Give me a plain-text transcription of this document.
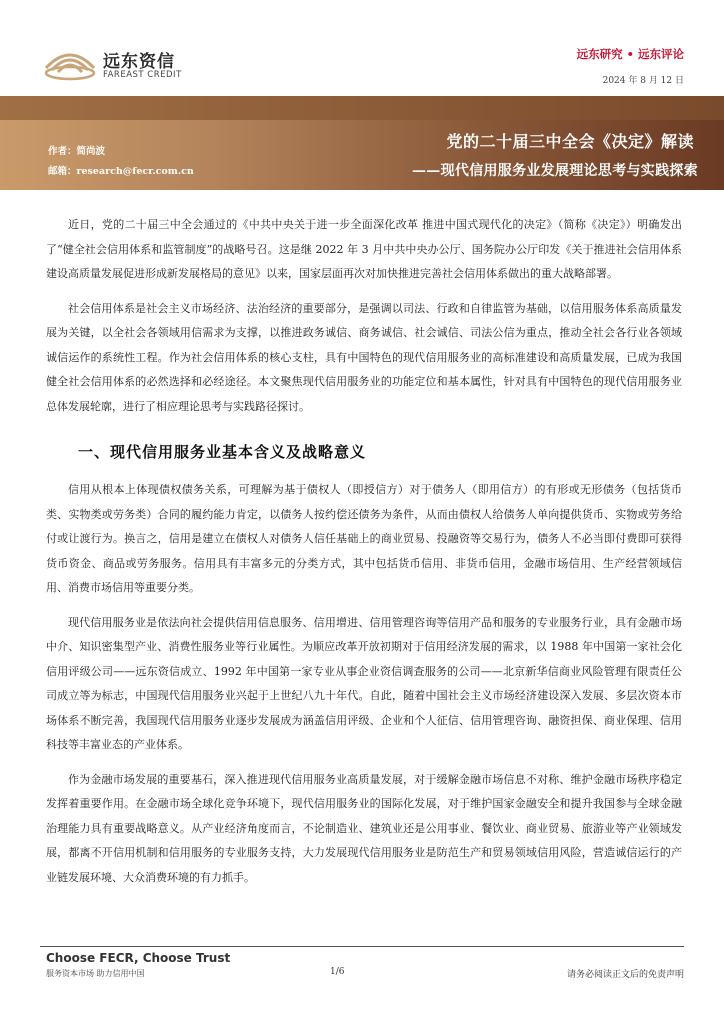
远东资信
FAREAST CREDIT
远东研究 • 远东评论
2024 年 8 月 12 日
作者：简尚波
邮箱：research@fecr.com.cn
党的二十届三中全会《决定》解读
——现代信用服务业发展理论思考与实践探索

近日，党的二十届三中全会通过的《中共中央关于进一步全面深化改革 推进中国式现代化的决定》（简称《决定》）明确发出了“健全社会信用体系和监管制度”的战略号召。这是继 2022 年 3 月中共中央办公厅、国务院办公厅印发《关于推进社会信用体系建设高质量发展促进形成新发展格局的意见》以来，国家层面再次对加快推进完善社会信用体系做出的重大战略部署。

社会信用体系是社会主义市场经济、法治经济的重要部分，是强调以司法、行政和自律监管为基础，以信用服务体系高质量发展为关键，以全社会各领域用信需求为支撑，以推进政务诚信、商务诚信、社会诚信、司法公信为重点，推动全社会各行业各领域诚信运作的系统性工程。作为社会信用体系的核心支柱，具有中国特色的现代信用服务业的高标准建设和高质量发展，已成为我国健全社会信用体系的必然选择和必经途径。本文聚焦现代信用服务业的功能定位和基本属性，针对具有中国特色的现代信用服务业总体发展轮廓，进行了相应理论思考与实践路径探讨。

一、现代信用服务业基本含义及战略意义

信用从根本上体现债权债务关系，可理解为基于债权人（即授信方）对于债务人（即用信方）的有形或无形债务（包括货币类、实物类或劳务类）合同的履约能力肯定，以债务人按约偿还债务为条件，从而由债权人给债务人单向提供货币、实物或劳务给付或让渡行为。换言之，信用是建立在债权人对债务人信任基础上的商业贸易、投融资等交易行为，债务人不必当即付费即可获得货币资金、商品或劳务服务。信用具有丰富多元的分类方式，其中包括货币信用、非货币信用，金融市场信用、生产经营领域信用、消费市场信用等重要分类。

现代信用服务业是依法向社会提供信用信息服务、信用增进、信用管理咨询等信用产品和服务的专业服务行业，具有金融市场中介、知识密集型产业、消费性服务业等行业属性。为顺应改革开放初期对于信用经济发展的需求，以 1988 年中国第一家社会化信用评级公司——远东资信成立、1992 年中国第一家专业从事企业资信调查服务的公司——北京新华信商业风险管理有限责任公司成立等为标志，中国现代信用服务业兴起于上世纪八九十年代。自此，随着中国社会主义市场经济建设深入发展、多层次资本市场体系不断完善，我国现代信用服务业逐步发展成为涵盖信用评级、企业和个人征信、信用管理咨询、融资担保、商业保理、信用科技等丰富业态的产业体系。

作为金融市场发展的重要基石，深入推进现代信用服务业高质量发展，对于缓解金融市场信息不对称、维护金融市场秩序稳定发挥着重要作用。在金融市场全球化竞争环境下，现代信用服务业的国际化发展，对于维护国家金融安全和提升我国参与全球金融治理能力具有重要战略意义。从产业经济角度而言，不论制造业、建筑业还是公用事业、餐饮业、商业贸易、旅游业等产业领域发展，都离不开信用机制和信用服务的专业服务支持，大力发展现代信用服务业是防范生产和贸易领域信用风险，营造诚信运行的产业链发展环境、大众消费环境的有力抓手。

Choose FECR, Choose Trust
服务资本市场 助力信用中国	1/6	请务必阅读正文后的免责声明
